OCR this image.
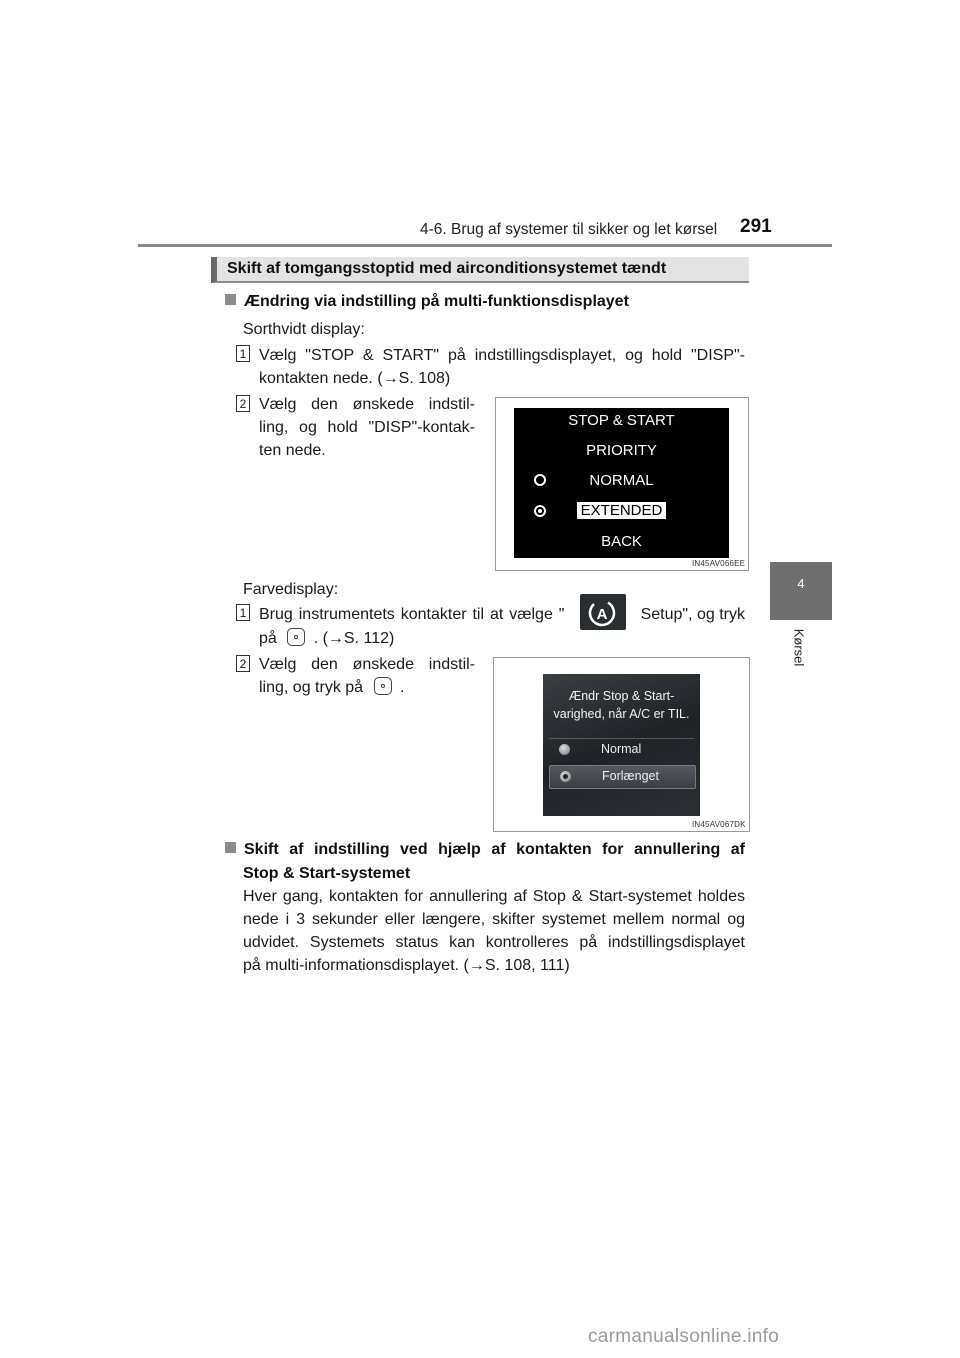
4-6. Brug af systemer til sikker og let kørsel 291
4
Kørsel
Skift af tomgangsstoptid med airconditionsystemet tændt
Ændring via indstilling på multi-funktionsdisplayet
Sorthvidt display:
1 Vælg "STOP & START" på indstillingsdisplayet, og hold "DISP"-
kontakten nede. (→S. 108)
2 Vælg den ønskede indstil-
ling, og hold "DISP"-kontak-
ten nede.
STOP & START
PRIORITY
NORMAL
EXTENDED
BACK
IN45AV066EE
Farvedisplay:
1 Brug instrumentets kontakter til at vælge "	A	Setup", og tryk
på . (→S. 112)
2 Vælg den ønskede indstil-
ling, og tryk på .	Ændr Stop & Start-
varighed, når A/C er TIL.
Normal
Forlænget
IN45AV067DK
Skift af indstilling ved hjælp af kontakten for annullering af
Stop & Start-systemet
Hver gang, kontakten for annullering af Stop & Start-systemet holdes
nede i 3 sekunder eller længere, skifter systemet mellem normal og
udvidet. Systemets status kan kontrolleres på indstillingsdisplayet
på multi-informationsdisplayet. (→S. 108, 111)
carmanualsonline.info
